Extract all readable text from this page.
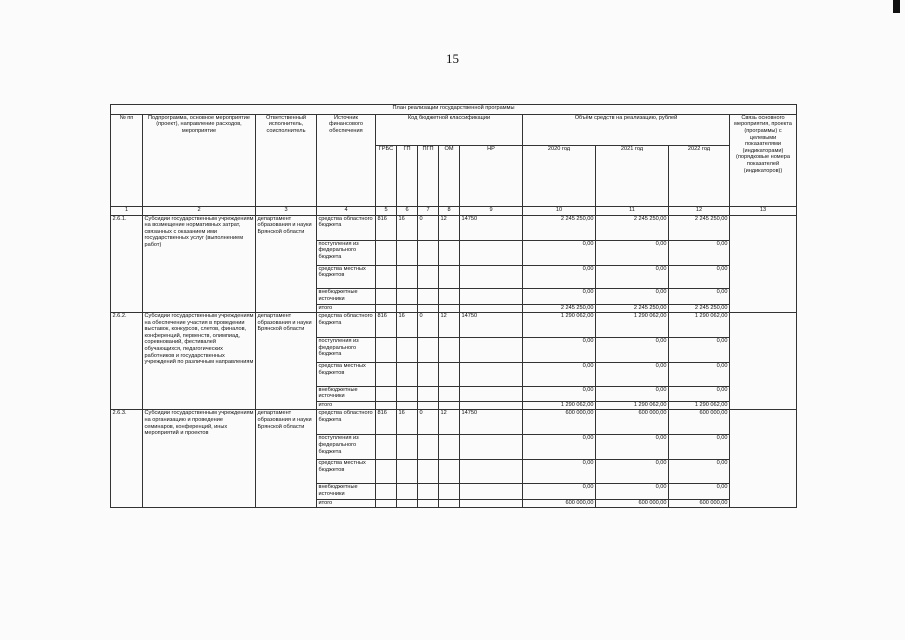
15
План реализации государственной программы												
№ пп	Подпрограмма, основное мероприятие (проект), направление расходов, мероприятие	Ответственный исполнитель, соисполнитель	Источник финансового обеспечения	Код бюджетной классификации					Объём средств на реализацию, рублей			Связь основного мероприятия, проекта (программы) с целевыми показателями (индикаторами) (порядковые номера показателей (индикаторов))
				ГРБС	ГП	ПГП	ОМ	НР	2020 год	2021 год	2022 год	
1	2	3	4	5	6	7	8	9	10	11	12	13
2.6.1.	Субсидии государственным учреждениям на возмещение нормативных затрат, связанных с оказанием ими государственных услуг (выполнением работ)	департамент образования и науки Брянской области	средства областного бюджета	816	16	0	12	14750	2 245 250,00	2 245 250,00	2 245 250,00	
			поступления из федерального бюджета						0,00	0,00	0,00	
			средства местных бюджетов						0,00	0,00	0,00	
			внебюджетные источники						0,00	0,00	0,00	
			итого						2 245 250,00	2 245 250,00	2 245 250,00	
2.6.2.	Субсидии государственным учреждениям на обеспечение участия в проведении выставок, конкурсов, слетов, финалов, конференций, первенств, олимпиад, соревнований, фестивалей обучающихся, педагогических работников и государственных учреждений по различным направлениям	департамент образования и науки Брянской области	средства областного бюджета	816	16	0	12	14750	1 290 062,00	1 290 062,00	1 290 062,00	
			поступления из федерального бюджета						0,00	0,00	0,00	
			средства местных бюджетов						0,00	0,00	0,00	
			внебюджетные источники						0,00	0,00	0,00	
			итого						1 290 062,00	1 290 062,00	1 290 062,00	
2.6.3.	Субсидии государственным учреждениям на организацию и проведение семинаров, конференций, иных мероприятий и проектов	департамент образования и науки Брянской области	средства областного бюджета	816	16	0	12	14750	600 000,00	600 000,00	600 000,00	
			поступления из федерального бюджета						0,00	0,00	0,00	
			средства местных бюджетов						0,00	0,00	0,00	
			внебюджетные источники						0,00	0,00	0,00	
			итого						600 000,00	600 000,00	600 000,00	
